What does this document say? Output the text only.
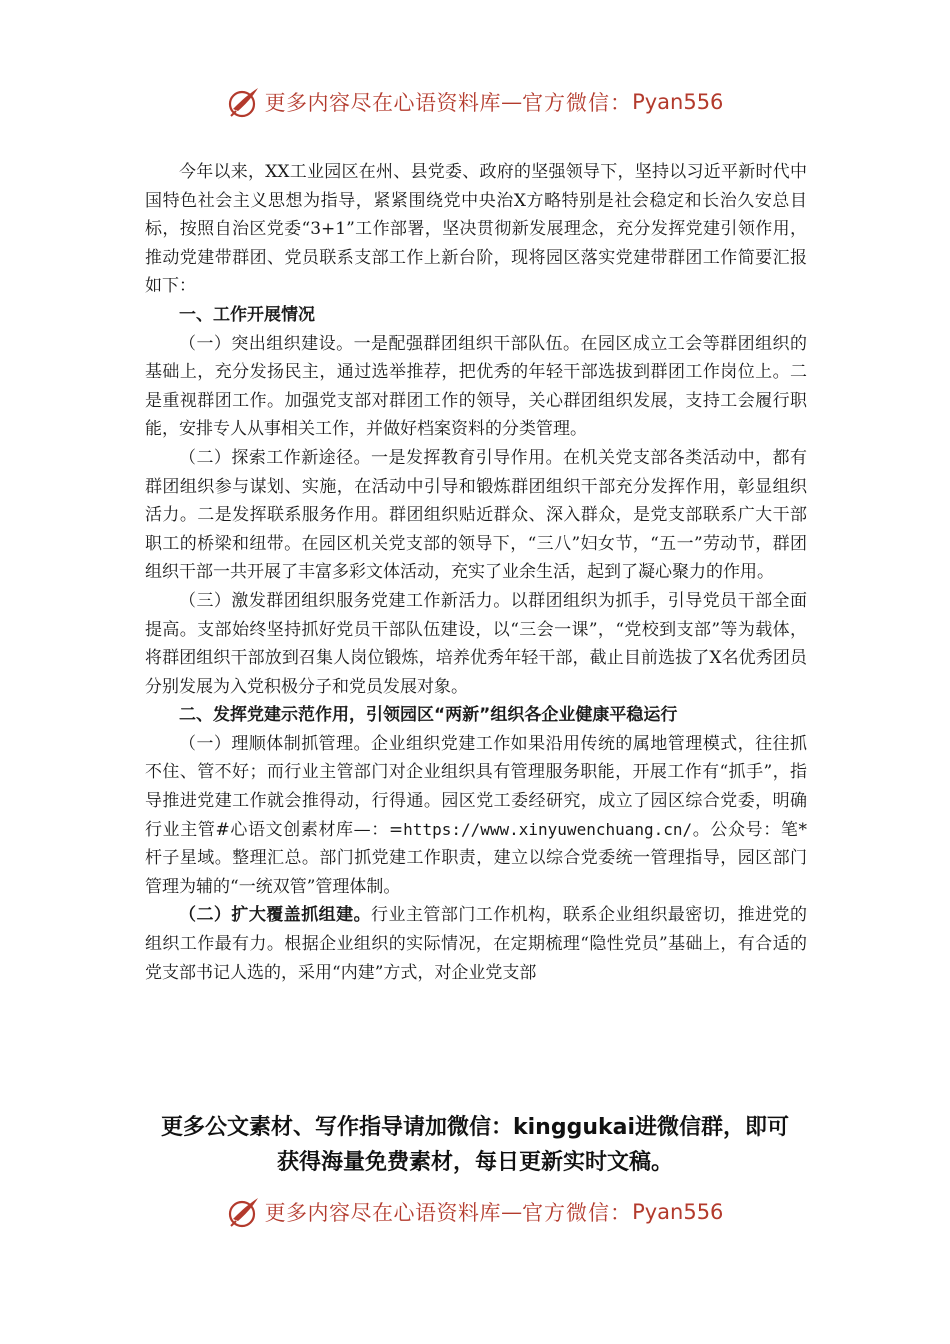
更多内容尽在心语资料库 — 官方微信： Pyan556

今年以来，XX工业园区在州、县党委、政府的坚强领导下，坚持以习近平新时代中国特色社会主义思想为指导，紧紧围绕党中央治X方略特别是社会稳定和长治久安总目标，按照自治区党委“3+1”工作部署，坚决贯彻新发展理念，充分发挥党建引领作用，推动党建带群团、党员联系支部工作上新台阶，现将园区落实党建带群团工作简要汇报如下：

一、工作开展情况

（一）突出组织建设。一是配强群团组织干部队伍。在园区成立工会等群团组织的基础上，充分发扬民主，通过选举推荐，把优秀的年轻干部选拔到群团工作岗位上。二是重视群团工作。加强党支部对群团工作的领导，关心群团组织发展，支持工会履行职能，安排专人从事相关工作，并做好档案资料的分类管理。

（二）探索工作新途径。一是发挥教育引导作用。在机关党支部各类活动中，都有群团组织参与谋划、实施，在活动中引导和锻炼群团组织干部充分发挥作用，彰显组织活力。二是发挥联系服务作用。群团组织贴近群众、深入群众，是党支部联系广大干部职工的桥梁和纽带。在园区机关党支部的领导下，“三八”妇女节，“五一”劳动节，群团组织干部一共开展了丰富多彩文体活动，充实了业余生活，起到了凝心聚力的作用。

（三）激发群团组织服务党建工作新活力。以群团组织为抓手，引导党员干部全面提高。支部始终坚持抓好党员干部队伍建设，以“三会一课”，“党校到支部”等为载体，将群团组织干部放到召集人岗位锻炼，培养优秀年轻干部，截止目前选拔了X名优秀团员分别发展为入党积极分子和党员发展对象。

二、发挥党建示范作用，引领园区“两新”组织各企业健康平稳运行

（一）理顺体制抓管理。企业组织党建工作如果沿用传统的属地管理模式，往往抓不住、管不好；而行业主管部门对企业组织具有管理服务职能，开展工作有“抓手”，指导推进党建工作就会推得动，行得通。园区党工委经研究，成立了园区综合党委，明确行业主管#心语文创素材库—：=https://www.xinyuwenchuang.cn/。公众号：笔*杆子星域。整理汇总。部门抓党建工作职责，建立以综合党委统一管理指导，园区部门管理为辅的“一统双管”管理体制。

（二）扩大覆盖抓组建。行业主管部门工作机构，联系企业组织最密切，推进党的组织工作最有力。根据企业组织的实际情况，在定期梳理“隐性党员”基础上，有合适的党支部书记人选的，采用“内建”方式，对企业党支部

更多公文素材、写作指导请加微信：kinggukai进微信群，即可
获得海量免费素材，每日更新实时文稿。
更多内容尽在心语资料库 — 官方微信： Pyan556
